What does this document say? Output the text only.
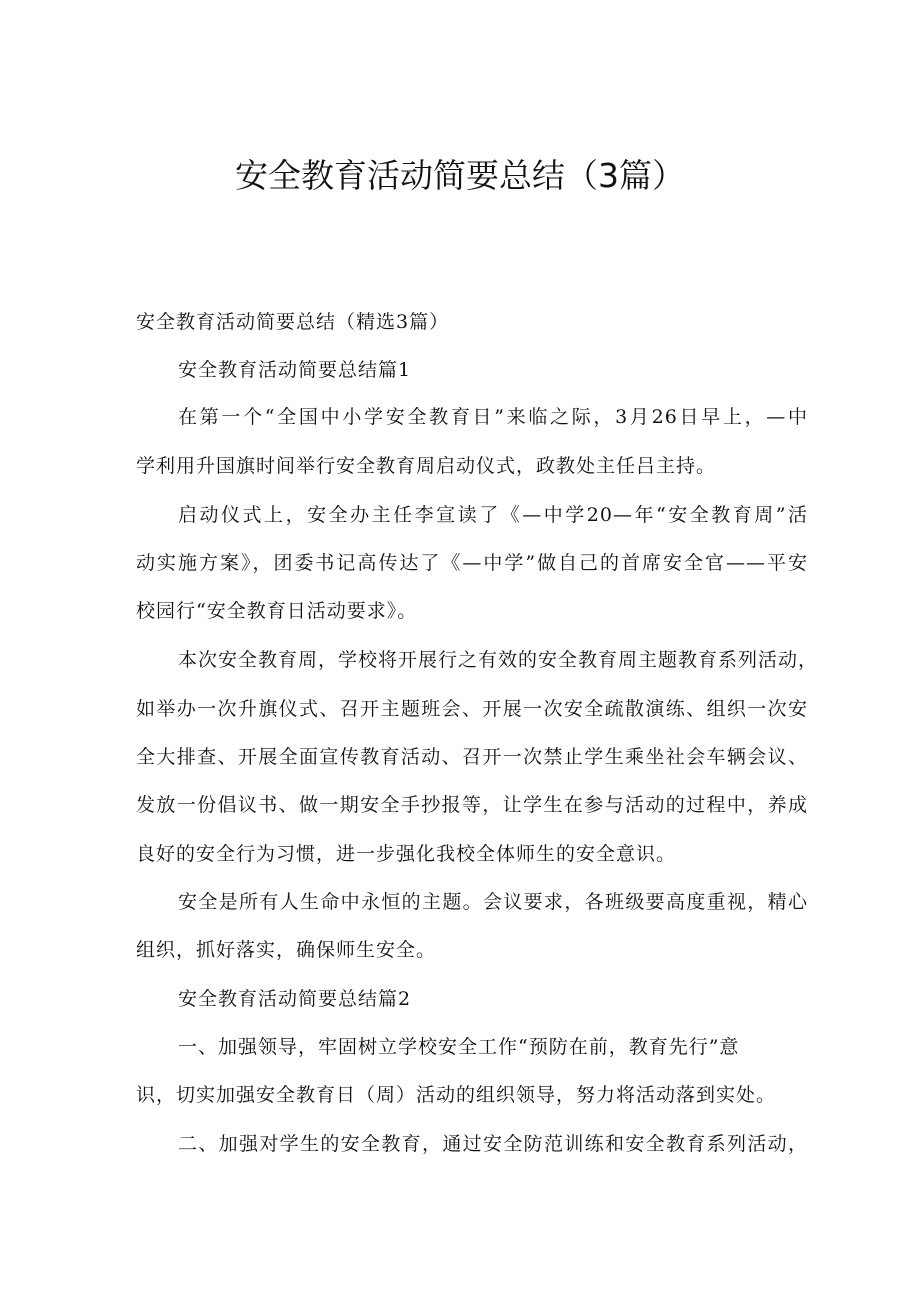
安全教育活动简要总结（3篇）
安全教育活动简要总结（精选3篇）
安全教育活动简要总结篇1
在第一个“全国中小学安全教育日”来临之际，3月26日早上，—中
学利用升国旗时间举行安全教育周启动仪式，政教处主任吕主持。
启动仪式上，安全办主任李宣读了《—中学20—年“安全教育周”活
动实施方案》，团委书记高传达了《—中学”做自己的首席安全官——平安
校园行“安全教育日活动要求》。
本次安全教育周，学校将开展行之有效的安全教育周主题教育系列活动，
如举办一次升旗仪式、召开主题班会、开展一次安全疏散演练、组织一次安
全大排查、开展全面宣传教育活动、召开一次禁止学生乘坐社会车辆会议、
发放一份倡议书、做一期安全手抄报等，让学生在参与活动的过程中，养成
良好的安全行为习惯，进一步强化我校全体师生的安全意识。
安全是所有人生命中永恒的主题。会议要求，各班级要高度重视，精心
组织，抓好落实，确保师生安全。
安全教育活动简要总结篇2
一、加强领导，牢固树立学校安全工作“预防在前，教育先行”意
识，切实加强安全教育日（周）活动的组织领导，努力将活动落到实处。
二、加强对学生的安全教育，通过安全防范训练和安全教育系列活动，
